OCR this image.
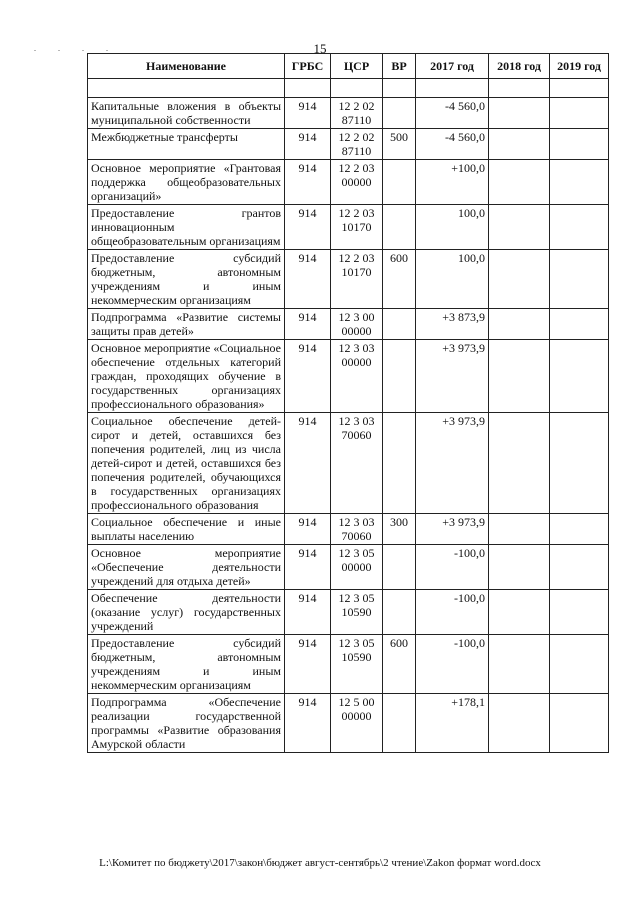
. . . .	15
Наименование	ГРБС	ЦСР	ВР	2017 год	2018 год	2019 год

Капитальные вложения в объекты муниципальной собственности	914	12 2 02 87110		-4 560,0		
Межбюджетные трансферты	914	12 2 02 87110	500	-4 560,0		
Основное мероприятие «Грантовая поддержка общеобразовательных организаций»	914	12 2 03 00000		+100,0		
Предоставление грантов инновационным общеобразовательным организациям	914	12 2 03 10170		100,0		
Предоставление субсидий бюджетным, автономным учреждениям и иным некоммерческим организациям	914	12 2 03 10170	600	100,0		
Подпрограмма «Развитие системы защиты прав детей»	914	12 3 00 00000		+3 873,9		
Основное мероприятие «Социальное обеспечение отдельных категорий граждан, проходящих обучение в государственных организациях профессионального образования»	914	12 3 03 00000		+3 973,9		
Социальное обеспечение детей-сирот и детей, оставшихся без попечения родителей, лиц из числа детей-сирот и детей, оставшихся без попечения родителей, обучающихся в государственных организациях профессионального образования	914	12 3 03 70060		+3 973,9		
Социальное обеспечение и иные выплаты населению	914	12 3 03 70060	300	+3 973,9		
Основное мероприятие «Обеспечение деятельности учреждений для отдыха детей»	914	12 3 05 00000		-100,0		
Обеспечение деятельности (оказание услуг) государственных учреждений	914	12 3 05 10590		-100,0		
Предоставление субсидий бюджетным, автономным учреждениям и иным некоммерческим организациям	914	12 3 05 10590	600	-100,0		
Подпрограмма «Обеспечение реализации государственной программы «Развитие образования Амурской области	914	12 5 00 00000		+178,1		
L:\Комитет по бюджету\2017\закон\бюджет август-сентябрь\2 чтение\Zakon формат word.docx
